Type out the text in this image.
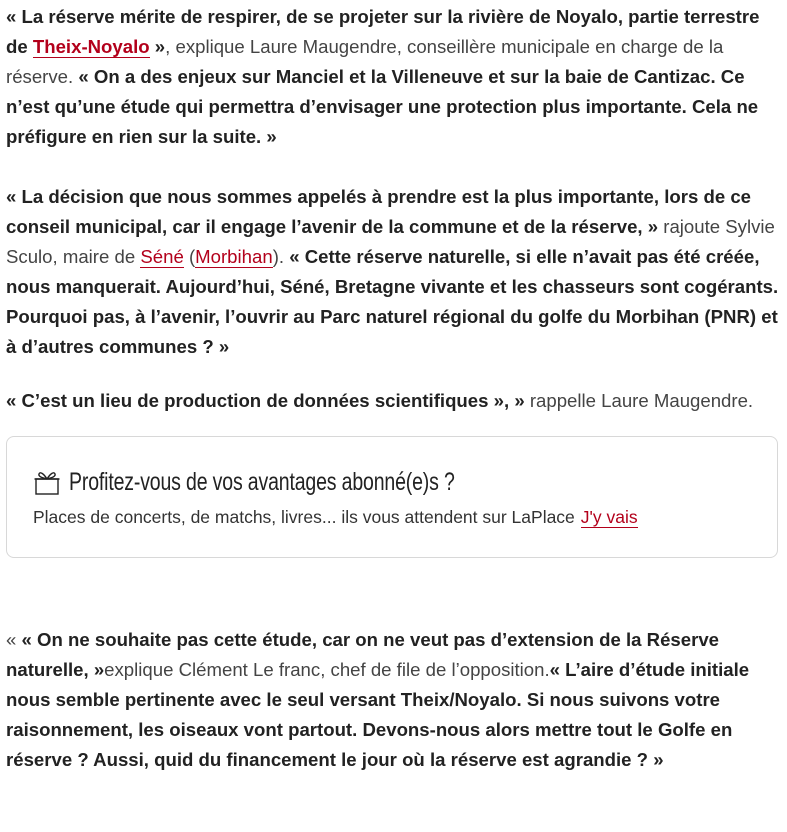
« La réserve mérite de respirer, de se projeter sur la rivière de Noyalo, partie terrestre de Theix-Noyalo », explique Laure Maugendre, conseillère municipale en charge de la réserve. « On a des enjeux sur Manciel et la Villeneuve et sur la baie de Cantizac. Ce n’est qu’une étude qui permettra d’envisager une protection plus importante. Cela ne préfigure en rien sur la suite. »

« La décision que nous sommes appelés à prendre est la plus importante, lors de ce conseil municipal, car il engage l’avenir de la commune et de la réserve, » rajoute Sylvie Sculo, maire de Séné (Morbihan). « Cette réserve naturelle, si elle n’avait pas été créée, nous manquerait. Aujourd’hui, Séné, Bretagne vivante et les chasseurs sont cogérants. Pourquoi pas, à l’avenir, l’ouvrir au Parc naturel régional du golfe du Morbihan (PNR) et à d’autres communes ? »

« C’est un lieu de production de données scientifiques », » rappelle Laure Maugendre.

Profitez-vous de vos avantages abonné(e)s ?
Places de concerts, de matchs, livres... ils vous attendent sur LaPlace J'y vais

« « On ne souhaite pas cette étude, car on ne veut pas d’extension de la Réserve naturelle, »explique Clément Le franc, chef de file de l’opposition.« L’aire d’étude initiale nous semble pertinente avec le seul versant Theix/Noyalo. Si nous suivons votre raisonnement, les oiseaux vont partout. Devons-nous alors mettre tout le Golfe en réserve ? Aussi, quid du financement le jour où la réserve est agrandie ? »
